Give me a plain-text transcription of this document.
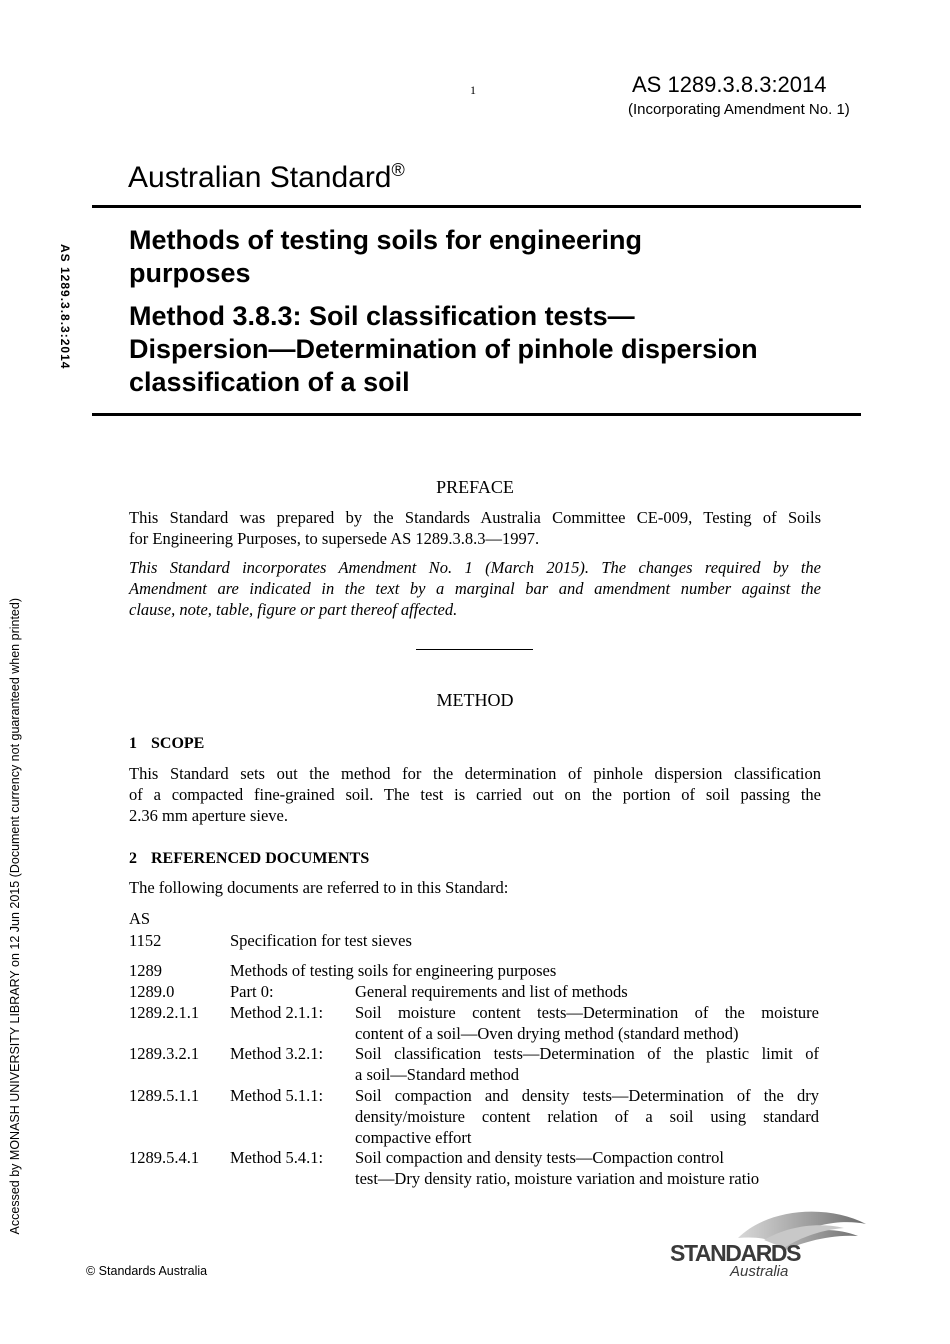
1	AS 1289.3.8.3:2014
(Incorporating Amendment No. 1)
Australian Standard®
Methods of testing soils for engineering
purposes
Method 3.8.3: Soil classification tests—
Dispersion—Determination of pinhole dispersion
classification of a soil
AS 1289.3.8.3:2014
Accessed by MONASH UNIVERSITY LIBRARY on 12 Jun 2015 (Document currency not guaranteed when printed)
PREFACE
This Standard was prepared by the Standards Australia Committee CE-009, Testing of Soils
for Engineering Purposes, to supersede AS 1289.3.8.3—1997.
This Standard incorporates Amendment No. 1 (March 2015). The changes required by the
Amendment are indicated in the text by a marginal bar and amendment number against the
clause, note, table, figure or part thereof affected.
METHOD
1 SCOPE
This Standard sets out the method for the determination of pinhole dispersion classification
of a compacted fine-grained soil. The test is carried out on the portion of soil passing the
2.36 mm aperture sieve.
2 REFERENCED DOCUMENTS
The following documents are referred to in this Standard:
AS
1152	Specification for test sieves
1289	Methods of testing soils for engineering purposes
1289.0	Part 0:	General requirements and list of methods
1289.2.1.1 Method 2.1.1: Soil moisture content tests—Determination of the moisture
content of a soil—Oven drying method (standard method)
1289.3.2.1 Method 3.2.1: Soil classification tests—Determination of the plastic limit of
a soil—Standard method
1289.5.1.1 Method 5.1.1: Soil compaction and density tests—Determination of the dry
density/moisture content relation of a soil using standard
compactive effort
1289.5.4.1 Method 5.4.1: Soil compaction and density tests—Compaction control
test—Dry density ratio, moisture variation and moisture ratio
© Standards Australia
STANDARDS
Australia
